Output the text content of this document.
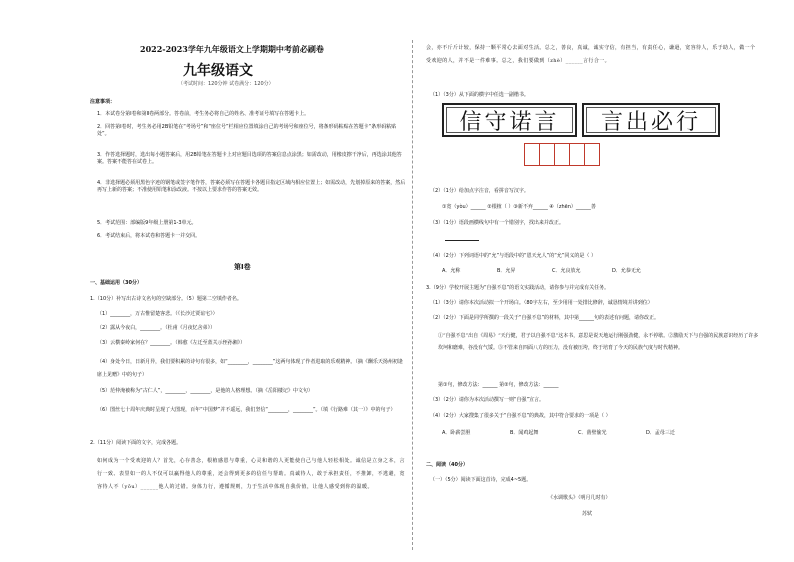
2022-2023学年九年级语文上学期期中考前必刷卷
九年级语文
（考试时间：120分钟 试卷满分：120分）
注意事项：
1．本试卷分第Ⅰ卷和第Ⅱ卷两部分。答卷前，考生务必将自己的姓名、准考证号填写在答题卡上。
2．回答第Ⅰ卷时，考生务必用2B铅笔在“考场号”和“座位号”栏相应位置填涂自己的考场号和座位号，将条形码粘贴在答题卡“条形码粘贴处”。
3．作答选择题时，选出每小题答案后，用2B铅笔在答题卡上对应题目选项的答案信息点涂黑；如需改动，用橡皮擦干净后，再选涂其他答案。答案不能答在试卷上。
4．非选择题必须用黑色字迹的钢笔或签字笔作答，答案必须写在答题卡各题目指定区域内相应位置上；如需改动，先划掉原来的答案，然后再写上新的答案；不准使用铅笔和涂改液。不按以上要求作答的答案无效。
5．考试范围：部编版9年级上册第1-3单元。
6．考试结束后，将本试卷和答题卡一并交回。
第Ⅰ卷
一、基础运用（30分）
1.（10分）补写出古诗文名句的空缺部分。（5）题第二空填作者名。
（1）________，万古惟留楚客悲。（《长沙过贾谊宅》）
（2）露从今夜白，________。（杜甫《月夜忆舍弟》）
（3）云横秦岭家何在？________。（韩愈《左迁至蓝关示侄孙湘》）
（4）身处今日，日新月异，我们要积累的诗句有很多，如“________，________”这两句体现了作者进取的乐观精神。（摘《酬乐天扬州初逢席上见赠》中的句子）
（5）范仲淹被称为“古仁人”，________，________，是他的人格理想。（摘《岳阳楼记》中文句）
（6）图丝七十周年庆典时呈现了大图现，百年“中国梦”并不遥远，我们坚信“________，________”。（填《行路难（其一）》中的句子）
2.（11分）阅读下面的文字，完成各题。
如何成为一个受欢迎的人？首先，心存善念，根植感恩与尊重，心灵和谐的人更能使自己与他人轻松相处。诚信是立身之本，言行一致、表里如一的人不仅可以赢得他人的尊重，还会得到更多的信任与帮助。真诚待人，敢于承担责任，不推卸，不逃避，宽容待人不（yōu）______他人的过错。身体力行，遵循规则，力于生活中体现自我价值，让他人感受到你的温暖。
会，亦不斤斤计较，保持一颗平常心去面对生活。总之，善良，真诚，诚实守信，有担当，有责任心，谦逊，宽容待人，乐于助人，做一个受欢迎的人，并不是一件难事。总之，我们要做到（zhè）______言行合一。
（1）（3分）从下面的横字中任选一副楷书。
信守诺言 言出必行
（2）（1分）给加点字注音，看拼音写汉字。
①宽（yòu）______ ②根植（ ）③新不弃______ ④（zhēn）______善
（3）（1分）语段画横线句中有一个错别字，找出来并改正。
（4）（2分）下列词语中的“允”与语段中的“恩天允人”的“允”同义的是（ ）
A．允称	B．允昇	C．允良放允	D．允恭无允
3.（9分）学校开展主题为“自强不息”的语文实践活动，请你参与并完成有关任务。
（1）（3分）请你本次活动拟一个开场白。（80字左右，至少用用一处排比修辞，诚恳情境并讲到位）
（2）（2分）下面是同学所撰的一段关于“自强不息”的材料，其中第______句的表述有问题，请你改正。
①“自强不息”出自《周易》“天行健，君子以自强不息”这本书，意思是说天地运行刚强劲健，永不停歇。②激励天下与自强的民族意识经历了许多坎坷和磨难，谷没有气馁。③不管来自四面八方的压力，没有被压垮，终于培育了今天的民族气度与时代精神。
第①句，修改方法：______ 第②句，修改方法：______
（3）（2分）请你为本次活动撰写一则“自强”宣言。
（4）（2分）大家搜集了很多关于“自强不息”的典故，其中符合要求的一项是（ ）
A．卧薪尝胆	B．闻鸡起舞	C．凿壁偷光	D．孟母三迁
二、阅读（40分）
（一）（5分）阅读下面这首诗，完成4~5题。
《水调歌头》（明月几时有）
苏轼
